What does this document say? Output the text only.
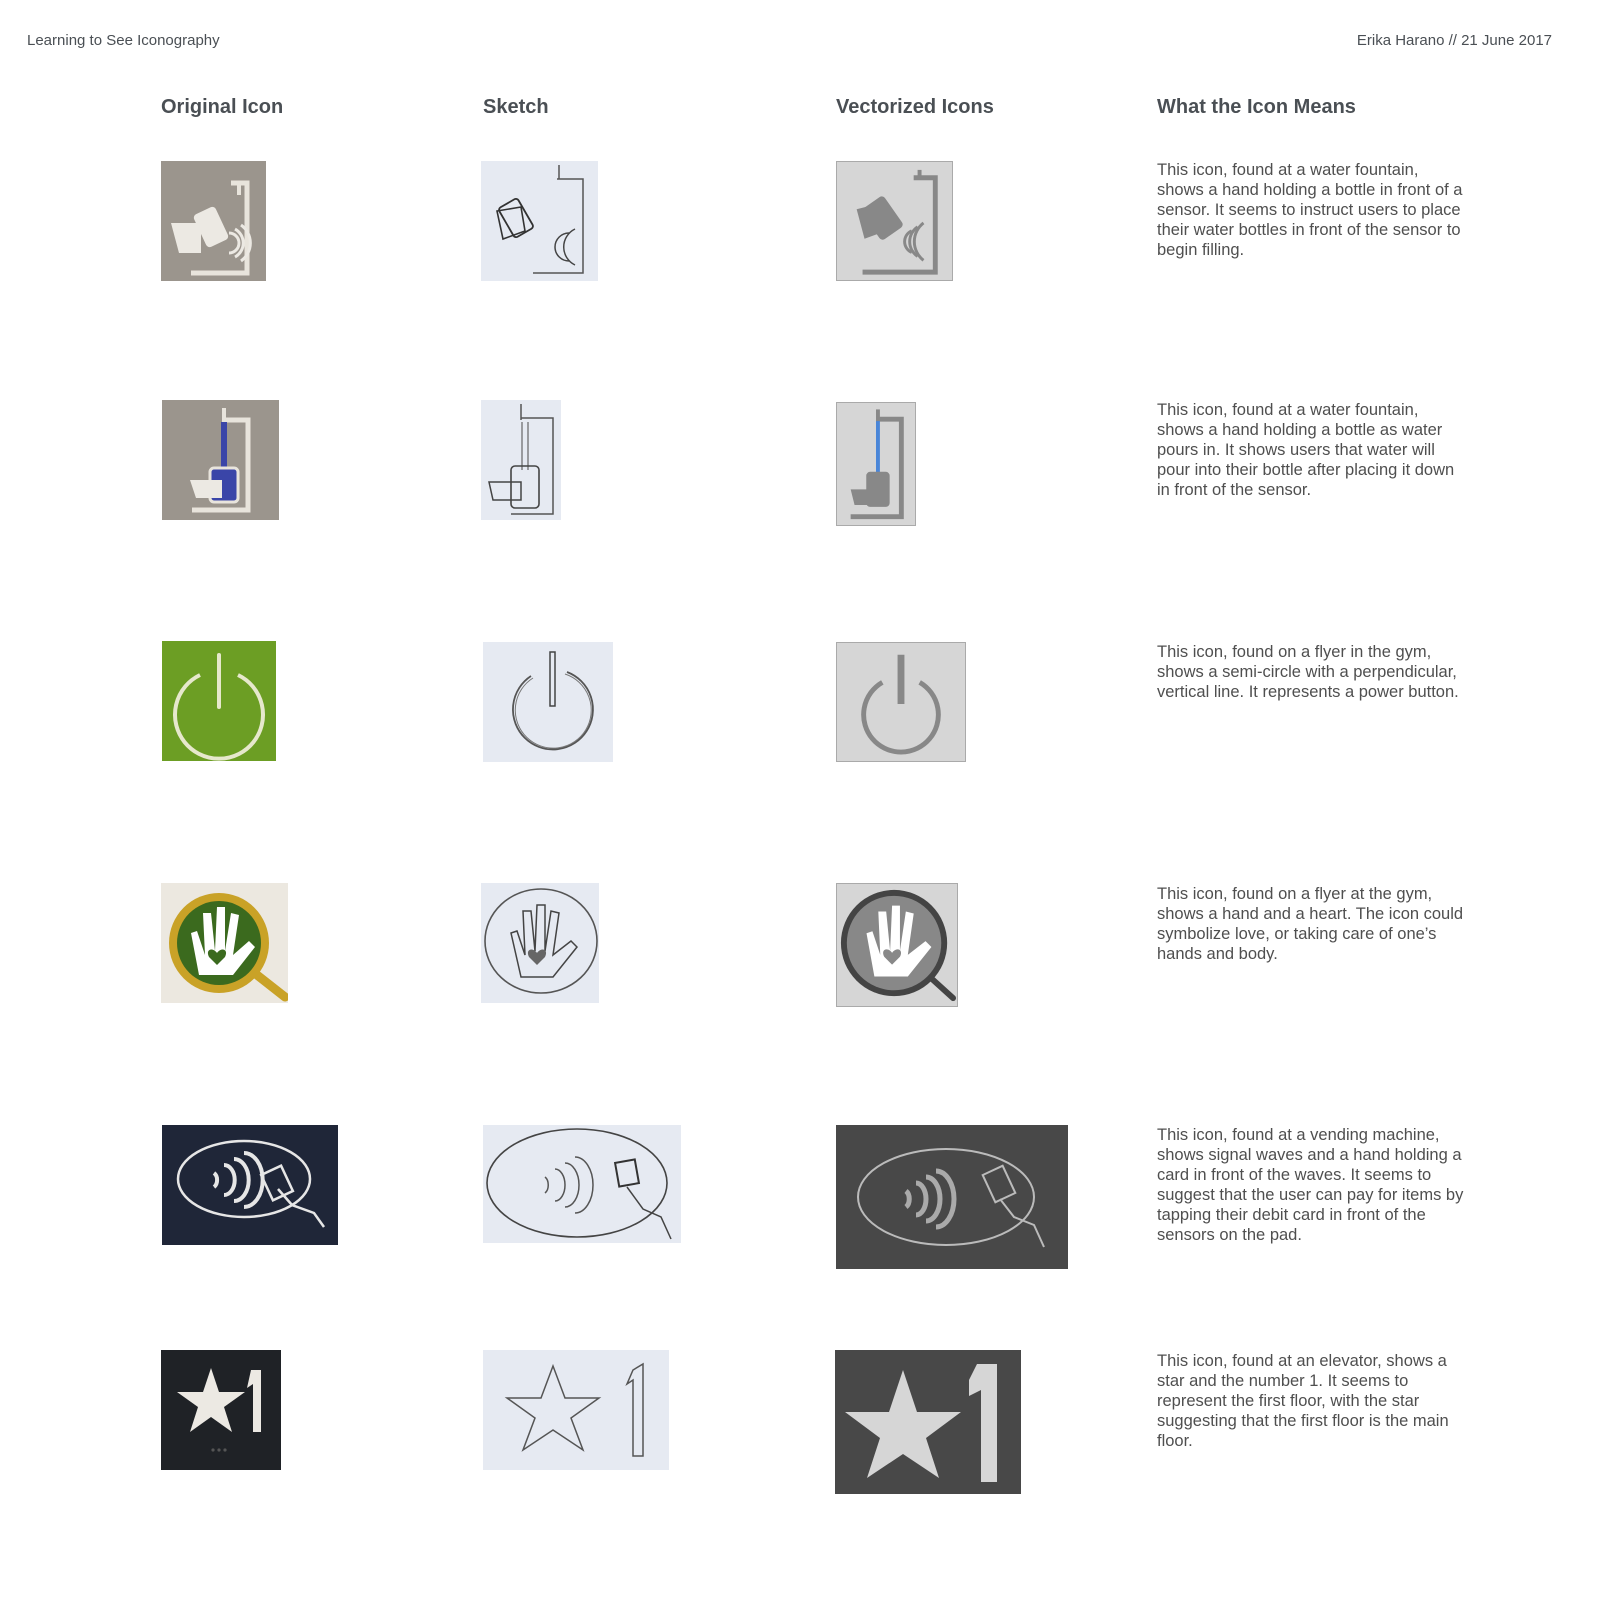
Learning to See Iconography	Erika Harano // 21 June 2017
Original Icon	Sketch	Vectorized Icons	What the Icon Means
This icon, found at a water fountain, shows a hand holding a bottle in front of a sensor. It seems to instruct users to place their water bottles in front of the sensor to begin filling.
This icon, found at a water fountain, shows a hand holding a bottle as water pours in. It shows users that water will pour into their bottle after placing it down in front of the sensor.
This icon, found on a flyer in the gym, shows a semi-circle with a perpendicular, vertical line. It represents a power button.
This icon, found on a flyer at the gym, shows a hand and a heart. The icon could symbolize love, or taking care of one’s hands and body.
This icon, found at a vending machine, shows signal waves and a hand holding a card in front of the waves. It seems to suggest that the user can pay for items by tapping their debit card in front of the sensors on the pad.
This icon, found at an elevator, shows a star and the number 1. It seems to represent the first floor, with the star suggesting that the first floor is the main floor.
